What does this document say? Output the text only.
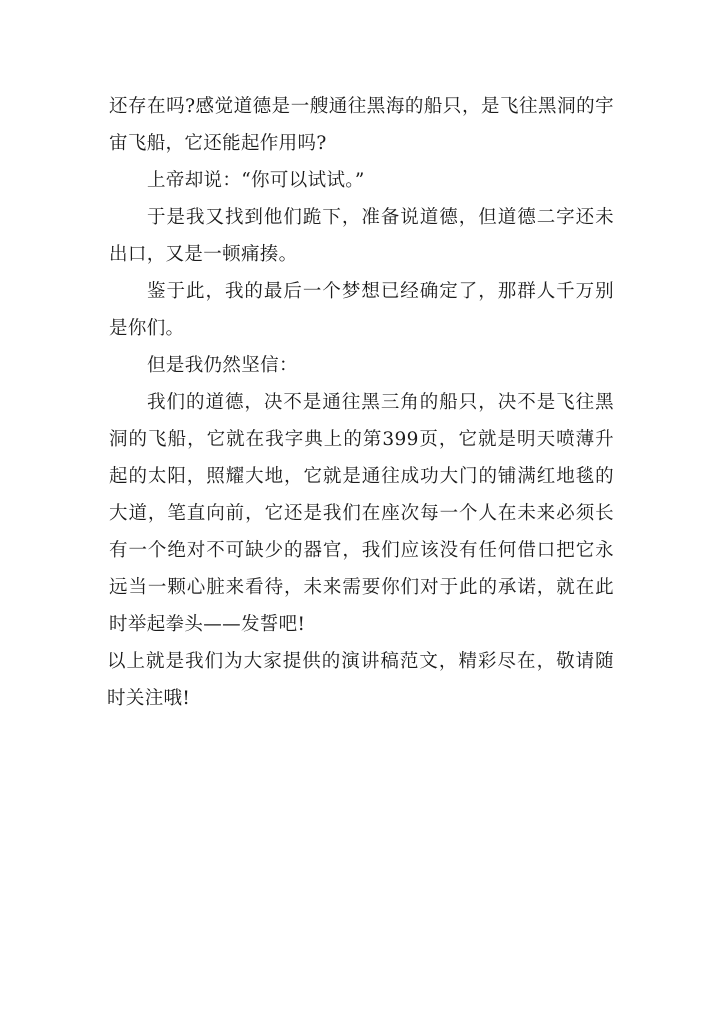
还存在吗?感觉道德是一艘通往黑海的船只，是飞往黑洞的宇宙飞船，它还能起作用吗?

上帝却说：“你可以试试。”

于是我又找到他们跪下，准备说道德，但道德二字还未出口，又是一顿痛揍。

鉴于此，我的最后一个梦想已经确定了，那群人千万别是你们。

但是我仍然坚信：

我们的道德，决不是通往黑三角的船只，决不是飞往黑洞的飞船，它就在我字典上的第399页，它就是明天喷薄升起的太阳，照耀大地，它就是通往成功大门的铺满红地毯的大道，笔直向前，它还是我们在座次每一个人在未来必须长有一个绝对不可缺少的器官，我们应该没有任何借口把它永远当一颗心脏来看待，未来需要你们对于此的承诺，就在此时举起拳头——发誓吧!

以上就是我们为大家提供的演讲稿范文，精彩尽在，敬请随时关注哦!
